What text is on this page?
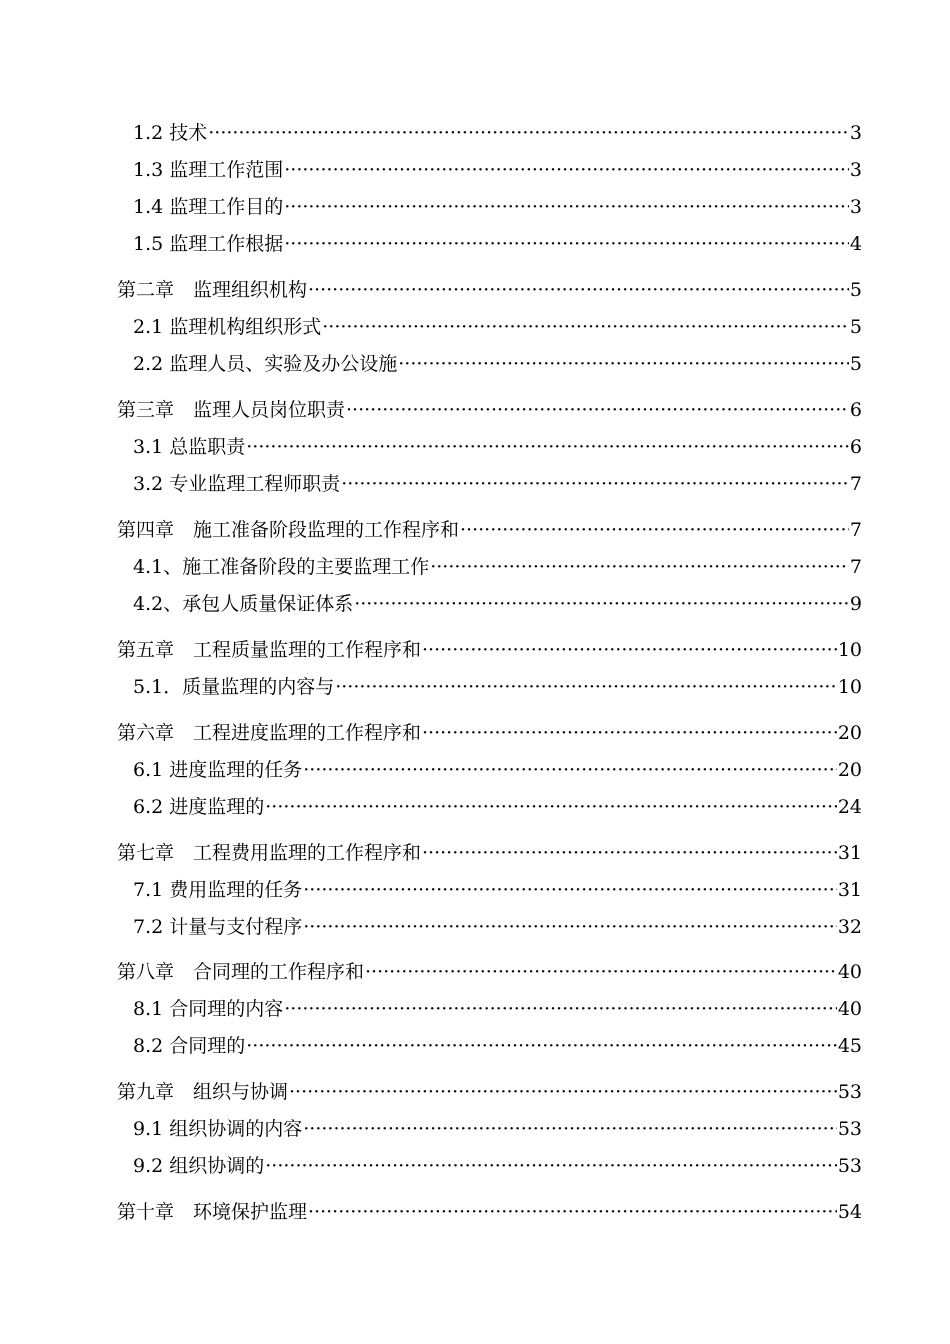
1.2 技术 ·····	3
1.3 监理工作范围 ·····	3
1.4 监理工作目的 ·····	3
1.5 监理工作根据 ·····	4
第二章　监理组织机构 ·····	5
2.1 监理机构组织形式 ·····	5
2.2 监理人员、实验及办公设施 ·····	5
第三章　监理人员岗位职责 ·····	6
3.1 总监职责 ·····	6
3.2 专业监理工程师职责 ·····	7
第四章　施工准备阶段监理的工作程序和 ·····	7
4.1、施工准备阶段的主要监理工作 ·····	7
4.2、承包人质量保证体系 ·····	9
第五章　工程质量监理的工作程序和 ·····	10
5.1．质量监理的内容与 ·····	10
第六章　工程进度监理的工作程序和 ·····	20
6.1 进度监理的任务 ·····	20
6.2 进度监理的 ·····	24
第七章　工程费用监理的工作程序和 ·····	31
7.1 费用监理的任务 ·····	31
7.2 计量与支付程序 ·····	32
第八章　合同理的工作程序和 ·····	40
8.1 合同理的内容 ·····	40
8.2 合同理的 ·····	45
第九章　组织与协调 ·····	53
9.1 组织协调的内容 ·····	53
9.2 组织协调的 ·····	53
第十章　环境保护监理 ·····	54
